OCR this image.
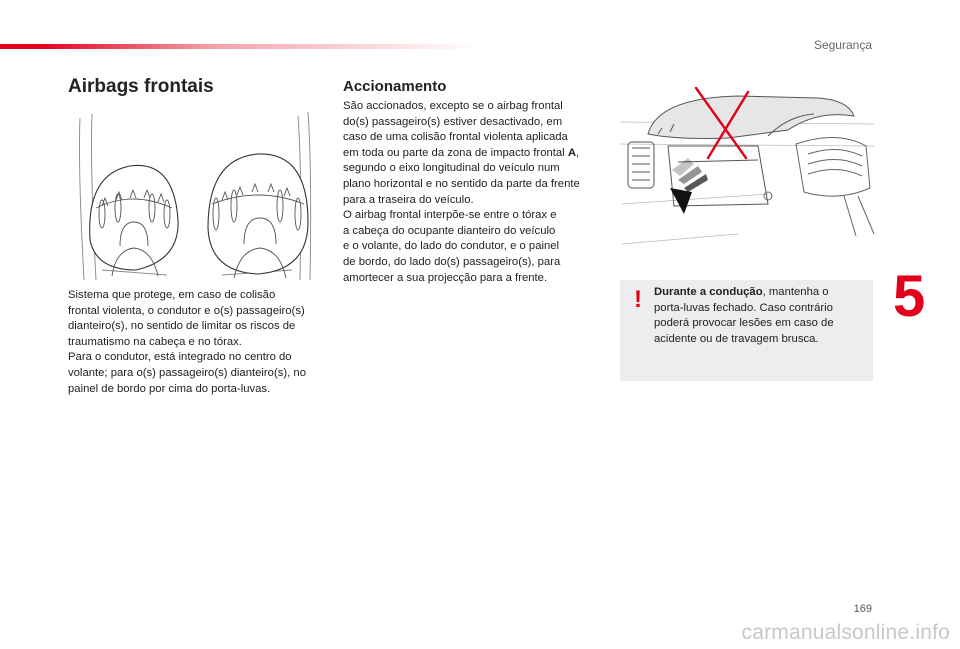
Segurança
Airbags frontais	Accionamento

Sistema que protege, em caso de colisão
frontal violenta, o condutor e o(s) passageiro(s)
dianteiro(s), no sentido de limitar os riscos de
traumatismo na cabeça e no tórax.
Para o condutor, está integrado no centro do
volante; para o(s) passageiro(s) dianteiro(s), no
painel de bordo por cima do porta-luvas.

São accionados, excepto se o airbag frontal
do(s) passageiro(s) estiver desactivado, em
caso de uma colisão frontal violenta aplicada
em toda ou parte da zona de impacto frontal A,
segundo o eixo longitudinal do veículo num
plano horizontal e no sentido da parte da frente
para a traseira do veículo.
O airbag frontal interpõe-se entre o tórax e
a cabeça do ocupante dianteiro do veículo
e o volante, do lado do condutor, e o painel
de bordo, do lado do(s) passageiro(s), para
amortecer a sua projecção para a frente.

! Durante a condução, mantenha o
porta-luvas fechado. Caso contrário
poderá provocar lesões em caso de
acidente ou de travagem brusca.

5
169
carmanualsonline.info
